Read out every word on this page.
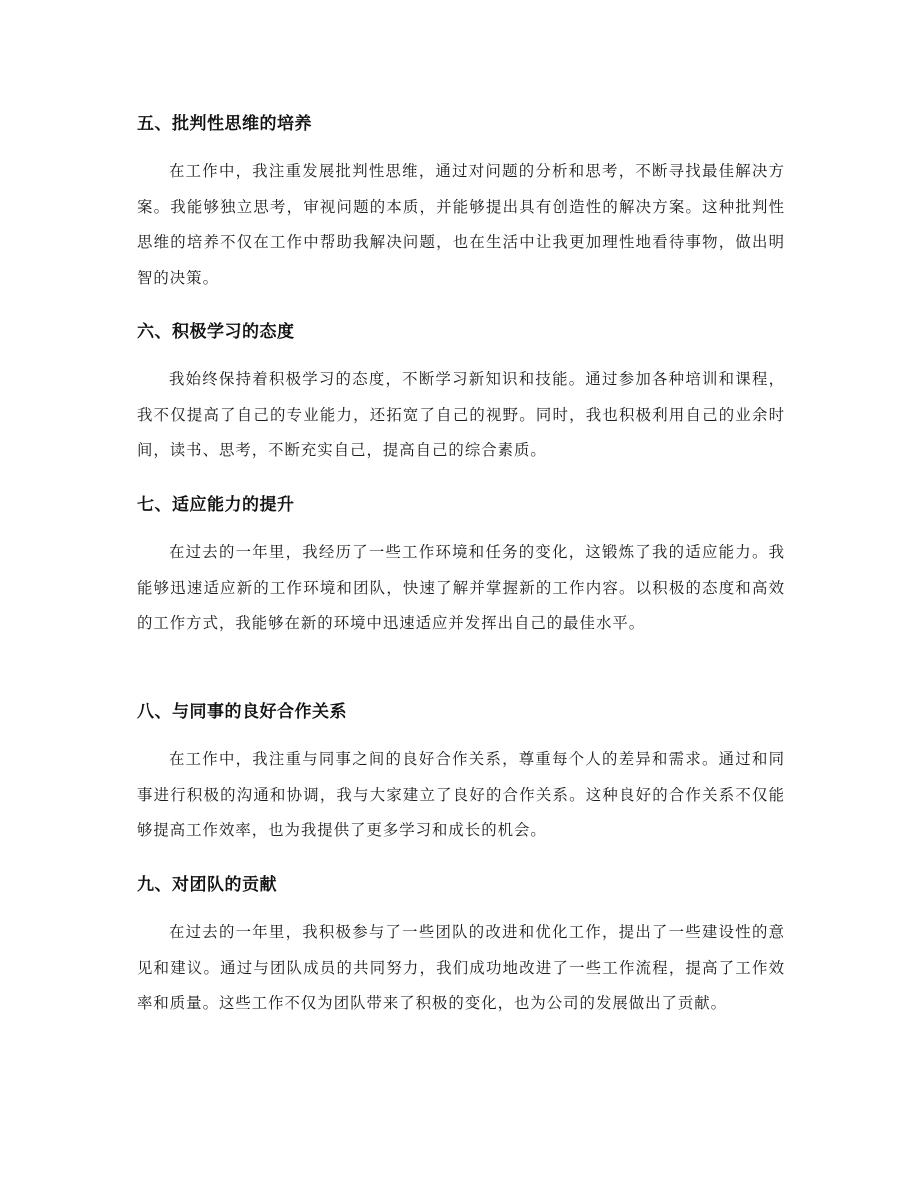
五、批判性思维的培养

在工作中，我注重发展批判性思维，通过对问题的分析和思考，不断寻找最佳解决方案。我能够独立思考，审视问题的本质，并能够提出具有创造性的解决方案。这种批判性思维的培养不仅在工作中帮助我解决问题，也在生活中让我更加理性地看待事物，做出明智的决策。

六、积极学习的态度

我始终保持着积极学习的态度，不断学习新知识和技能。通过参加各种培训和课程，我不仅提高了自己的专业能力，还拓宽了自己的视野。同时，我也积极利用自己的业余时间，读书、思考，不断充实自己，提高自己的综合素质。

七、适应能力的提升

在过去的一年里，我经历了一些工作环境和任务的变化，这锻炼了我的适应能力。我能够迅速适应新的工作环境和团队，快速了解并掌握新的工作内容。以积极的态度和高效的工作方式，我能够在新的环境中迅速适应并发挥出自己的最佳水平。

八、与同事的良好合作关系

在工作中，我注重与同事之间的良好合作关系，尊重每个人的差异和需求。通过和同事进行积极的沟通和协调，我与大家建立了良好的合作关系。这种良好的合作关系不仅能够提高工作效率，也为我提供了更多学习和成长的机会。

九、对团队的贡献

在过去的一年里，我积极参与了一些团队的改进和优化工作，提出了一些建设性的意见和建议。通过与团队成员的共同努力，我们成功地改进了一些工作流程，提高了工作效率和质量。这些工作不仅为团队带来了积极的变化，也为公司的发展做出了贡献。
